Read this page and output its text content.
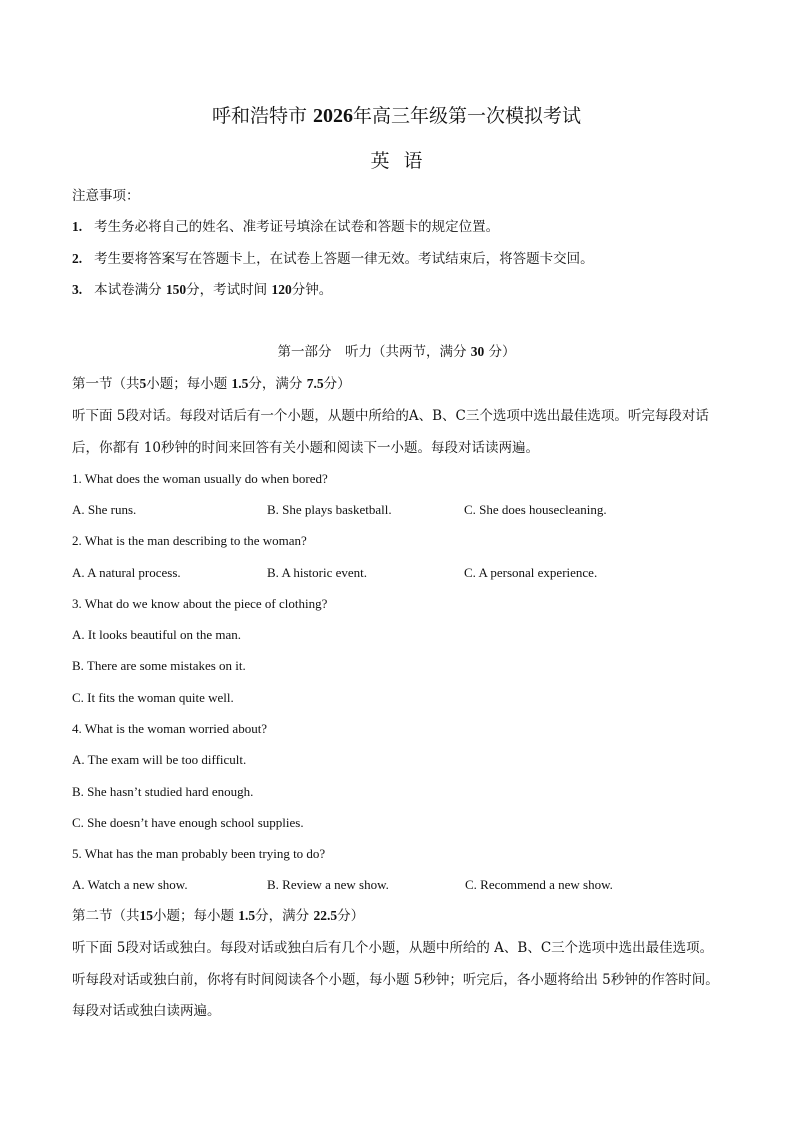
呼和浩特市 2026年高三年级第一次模拟考试
英语
注意事项：
1. 考生务必将自己的姓名、准考证号填涂在试卷和答题卡的规定位置。
2. 考生要将答案写在答题卡上，在试卷上答题一律无效。考试结束后，将答题卡交回。
3. 本试卷满分 150分，考试时间 120分钟。
第一部分　听力（共两节，满分 30 分）
第一节（共5小题；每小题 1.5分，满分 7.5分）
听下面 5段对话。每段对话后有一个小题，从题中所给的A、B、C三个选项中选出最佳选项。听完每段对话
后，你都有 10秒钟的时间来回答有关小题和阅读下一小题。每段对话读两遍。
1. What does the woman usually do when bored?
A. She runs.	B. She plays basketball.	C. She does housecleaning.
2. What is the man describing to the woman?
A. A natural process.	B. A historic event.	C. A personal experience.
3. What do we know about the piece of clothing?
A. It looks beautiful on the man.
B. There are some mistakes on it.
C. It fits the woman quite well.
4. What is the woman worried about?
A. The exam will be too difficult.
B. She hasn’t studied hard enough.
C. She doesn’t have enough school supplies.
5. What has the man probably been trying to do?
A. Watch a new show.	B. Review a new show.	C. Recommend a new show.
第二节（共15小题；每小题 1.5分，满分 22.5分）
听下面 5段对话或独白。每段对话或独白后有几个小题，从题中所给的 A、B、C三个选项中选出最佳选项。
听每段对话或独白前，你将有时间阅读各个小题，每小题 5秒钟；听完后，各小题将给出 5秒钟的作答时间。
每段对话或独白读两遍。
